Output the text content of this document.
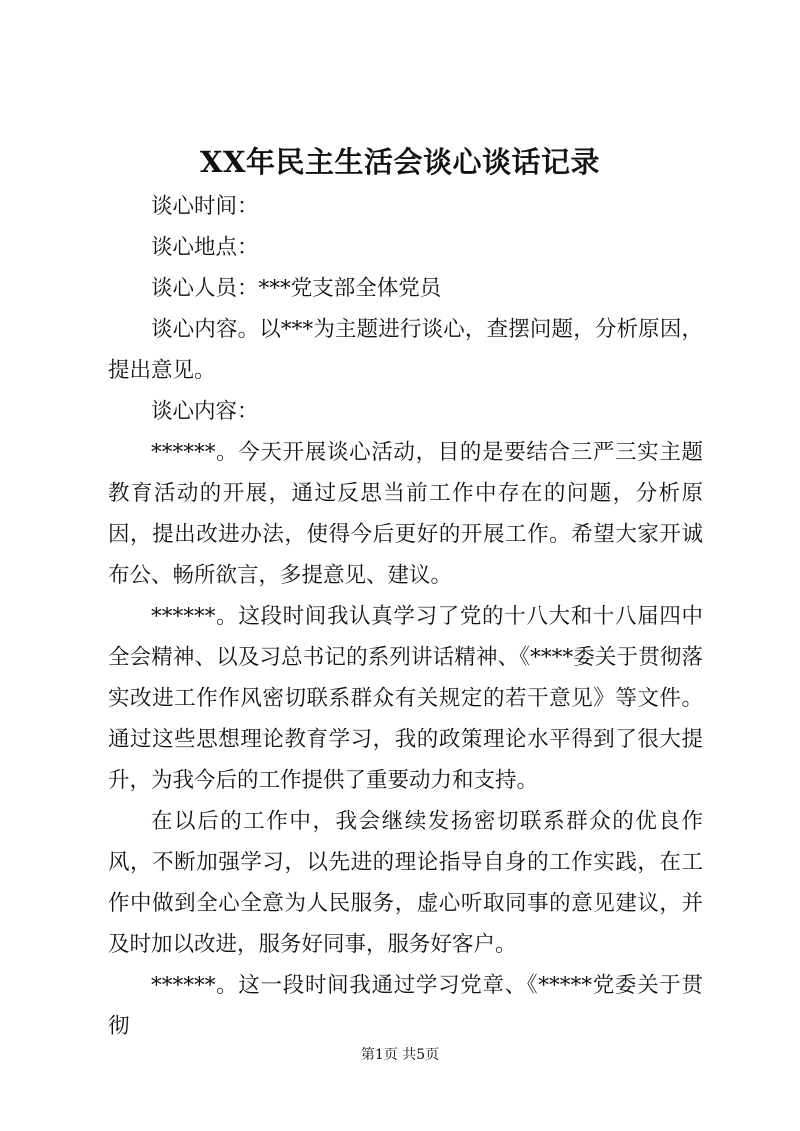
XX年民主生活会谈心谈话记录

谈心时间：

谈心地点：

谈心人员：***党支部全体党员

谈心内容。以***为主题进行谈心，查摆问题，分析原因，提出意见。

谈心内容：

******。今天开展谈心活动，目的是要结合三严三实主题教育活动的开展，通过反思当前工作中存在的问题，分析原因，提出改进办法，使得今后更好的开展工作。希望大家开诚布公、畅所欲言，多提意见、建议。

******。这段时间我认真学习了党的十八大和十八届四中全会精神、以及习总书记的系列讲话精神、《****委关于贯彻落实改进工作作风密切联系群众有关规定的若干意见》等文件。通过这些思想理论教育学习，我的政策理论水平得到了很大提升，为我今后的工作提供了重要动力和支持。

在以后的工作中，我会继续发扬密切联系群众的优良作风，不断加强学习，以先进的理论指导自身的工作实践，在工作中做到全心全意为人民服务，虚心听取同事的意见建议，并及时加以改进，服务好同事，服务好客户。

******。这一段时间我通过学习党章、《*****党委关于贯彻

第1页 共5页
